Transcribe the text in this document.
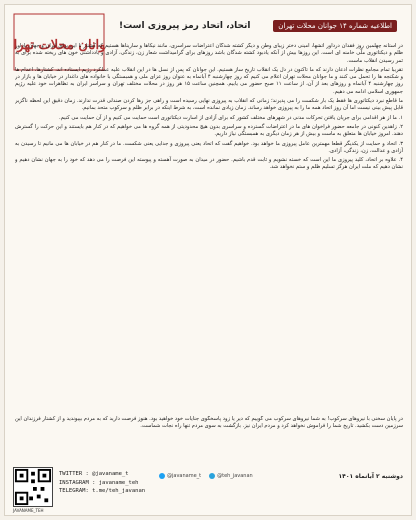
وانان محلات تهرا
اطلاعیه شماره ۱۴ جوانان محلات تهران
اتحاد، اتحاد رمز پیروزی است!

در آستانه چهلمین روز فقدان دردآور آتشها، امینی دختر زیبای وطن و دیگر کشته شدگان اعتراضات سراسری، مانند نیکاها و ساریناها هستیم که کشتار تا این برای ایران و جهان یادآور ظلم و دیکتاتوری ملّی خامنه ای است. این روزها بیش از آنکه یادبود کشته شدگان باشد روزهای برای گرامیداشت شعار زن، زندگی، آزادی و یادداشتی خون های ریخته شده برای به ثمر رسیدن انقلاب ماست.

تقریبا تمام مجامع نظرات اذعان دارند که ما تاکنون در دل یک انقلاب تاریخ ساز هستیم. این جوانان که پس از نسل ها در این انقلاب علیه عملکرد رژیم ایستاده اند، کشتارها، اعدام ها و شکنجه ها را تحمل می کنند و ما جوانان محلات تهران اعلام می کنیم که روز چهارشنبه ۴ آبانماه به عنوان روز عزای ملی و همبستگی با خانواده های داغدار در خیابان ها و بازار در روز چهارشنبه ۴ آبانماه و روزهای بعد از آن، از ساعت ۱۱ صبح حضور می یابیم. همچنین ساعت ۱۵ هر روز در محلات مختلف تهران و سراسر ایران به تظاهرات خود علیه رژیم جمهوری اسلامی ادامه می دهیم.

ما قاطع نبرد دیکتاتوری ها فقط یک بار شکست را می پذیرند؛ زمانی که انقلاب به پیروزی نهایی رسیده است و راهی جز رها کردن صندلی قدرت ندارند. زمان دقیق این لحظه ناگزیر قابل پیش بینی نیست اما آن روز اتحاد همه ما را به پیروزی خواهد رساند. زمان زیادی نمانده است، به شرط اینکه در برابر ظلم و سرکوب متحد بمانیم.

۱. ما از هر اقدامی برای جریان یافتن تحرکات مدنی در شهرهای مختلف کشور که برای آزادی از اسارت دیکتاتوری است حمایت می کنیم و از آن حمایت می کنیم.

۲. زاهدین کنونی در جامعه حضور فراخوان های ما در اعتراضات گسترده و سراسری بدون هیچ محدودیتی از همه گروه ها می خواهیم که در کنار هم بایستند و این حرکت را گسترش دهند. امروز خیابان ها متعلق به ماست و بیش از هر زمان دیگری به همبستگی نیاز داریم.

۳. اتحاد و حمایت از یکدیگر قطعا مهمترین عامل پیروزی ما خواهد بود. خواهیم گفت که اتحاد یعنی پیروزی و جدایی یعنی شکست. ما در کنار هم در خیابان ها می مانیم تا رسیدن به آزادی و عدالت، زن، زندگی، آزادی.

۴. علاوه بر اتحاد، کلید پیروزی ما این است که خسته نشویم و ثابت قدم باشیم. حضور در میدان به صورت آهسته و پیوسته این فرصت را می دهد که خود را به جهان نشان دهیم و نشان دهیم که ملت ایران هرگز تسلیم ظلم و ستم نخواهد شد.

در پایان سخنی با نیروهای سرکوب! به شما نیروهای سرکوب می گوییم که دیر یا زود پاسخگوی جنایات خود خواهید بود. هنوز فرصت دارید که به مردم بپیوندید و از کشتار فرزندان این سرزمین دست بکشید. تاریخ شما را فراموش نخواهد کرد و مردم ایران نیز. بازگشت به سوی مردم تنها راه نجات شماست.

JAVANAME_TEH
TWITTER : @javaname_t
INSTAGRAM : javaname_teh
TELEGRAM: t.me/teh_javanan
@javaname_t	@teh_javanan	دوشنبه ۲ آبانماه ۱۴۰۱
